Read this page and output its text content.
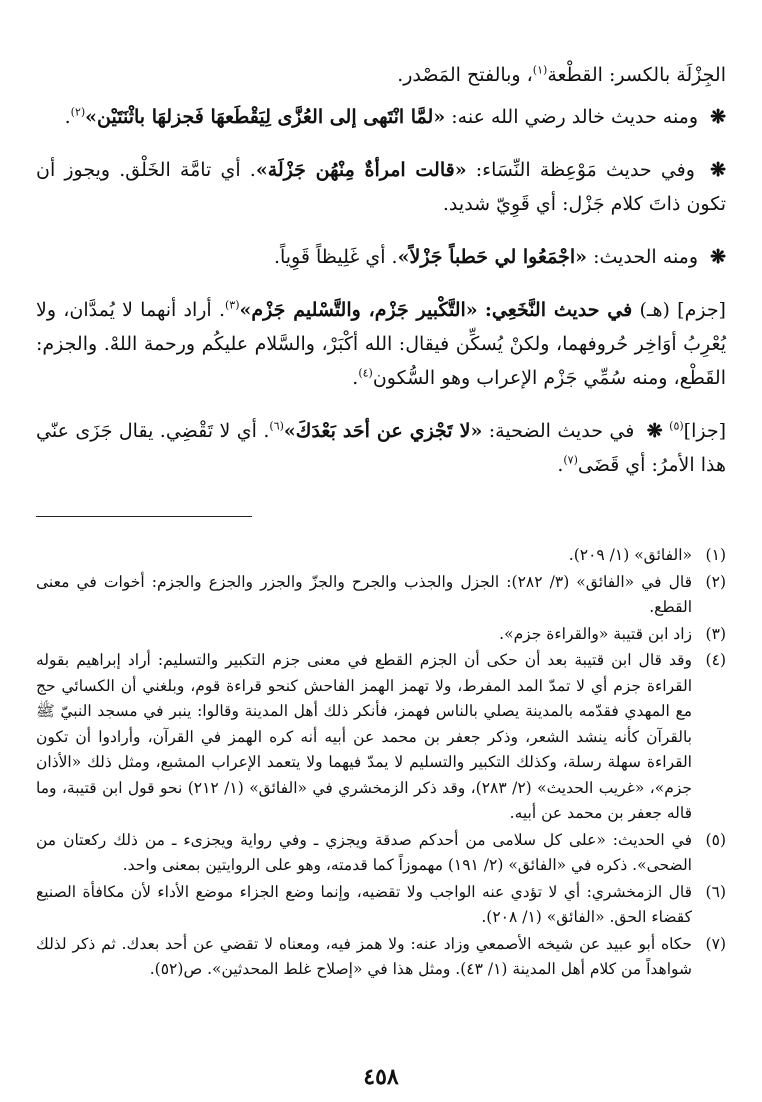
الجِزْلَة بالكسر: القطْعة$^{(١)}$، وبالفتح المَصْدر.

❋ ومنه حديث خالد رضي الله عنه: «لمَّا انْتَهى إلى العُزَّى لِيَقْطَعهَا فَجزلهَا باثْنَتَيْن»$^{(٢)}$.

❋ وفي حديث مَوْعِظة النِّسَاء: «قالت امرأةٌ مِنْهُن جَزْلَة». أي تامَّة الخَلْق. ويجوز أن تكون ذاتَ كلام جَزْل: أي قَوِيّ شديد.

❋ ومنه الحديث: «اجْمَعُوا لي حَطباً جَزْلاً». أي غَلِيظاً قَوِياً.

[جزم] (هـ) في حديث النَّخَعِي: «التَّكْبير جَزْم، والتَّسْليم جَزْم»$^{(٣)}$. أراد أنهما لا يُمدَّان، ولا يُعْرِبُ أوَاخِر حُروفهما، ولكنْ يُسكِّن فيقال: الله أكْبَرْ، والسَّلام عليكُم ورحمة اللهْ. والجزم: القَطْع، ومنه سُمِّي جَزْم الإعراب وهو السُّكون$^{(٤)}$.

[جزا]$^{(٥)}$ ❋ في حديث الضحية: «لا تَجْزي عن أحَد بَعْدَكَ»$^{(٦)}$. أي لا تَقْضِي. يقال جَزَى عنّي هذا الأمرُ: أي قَضَى$^{(٧)}$.

(١)
«الفائق» (١/ ٢٠٩).
(٢)
قال في «الفائق» (٣/ ٢٨٢): الجزل والجذب والجرح والجزّ والجزر والجزع والجزم: أخوات في معنى القطع.
(٣)
زاد ابن قتيبة «والقراءة جزم».
(٤)
وقد قال ابن قتيبة بعد أن حكى أن الجزم القطع في معنى جزم التكبير والتسليم: أراد إبراهيم بقوله القراءة جزم أي لا تمدّ المد المفرط، ولا تهمز الهمز الفاحش كنحو قراءة قوم، وبلغني أن الكسائي حج مع المهدي فقدّمه بالمدينة يصلي بالناس فهمز، فأنكر ذلك أهل المدينة وقالوا: ينبر في مسجد النبيّ ﷺ بالقرآن كأنه ينشد الشعر، وذكر جعفر بن محمد عن أبيه أنه كره الهمز في القرآن، وأرادوا أن تكون القراءة سهلة رسلة، وكذلك التكبير والتسليم لا يمدّ فيهما ولا يتعمد الإعراب المشبع، ومثل ذلك «الأذان جزم»، «غريب الحديث» (٢/ ٢٨٣)، وقد ذكر الزمخشري في «الفائق» (١/ ٢١٢) نحو قول ابن قتيبة، وما قاله جعفر بن محمد عن أبيه.
(٥)
في الحديث: «على كل سلامى من أحدكم صدقة ويجزي ـ وفي رواية ويجزىء ـ من ذلك ركعتان من الضحى». ذكره في «الفائق» (٢/ ١٩١) مهموزاً كما قدمته، وهو على الروايتين بمعنى واحد.
(٦)
قال الزمخشري: أي لا تؤدي عنه الواجب ولا تقضيه، وإنما وضع الجزاء موضع الأداء لأن مكافأة الصنيع كقضاء الحق. «الفائق» (١/ ٢٠٨).
(٧)
حكاه أبو عبيد عن شيخه الأصمعي وزاد عنه: ولا همز فيه، ومعناه لا تقضي عن أحد بعدك. ثم ذكر لذلك شواهداً من كلام أهل المدينة (١/ ٤٣). ومثل هذا في «إصلاح غلط المحدثين». ص(٥٢).
٤٥٨
